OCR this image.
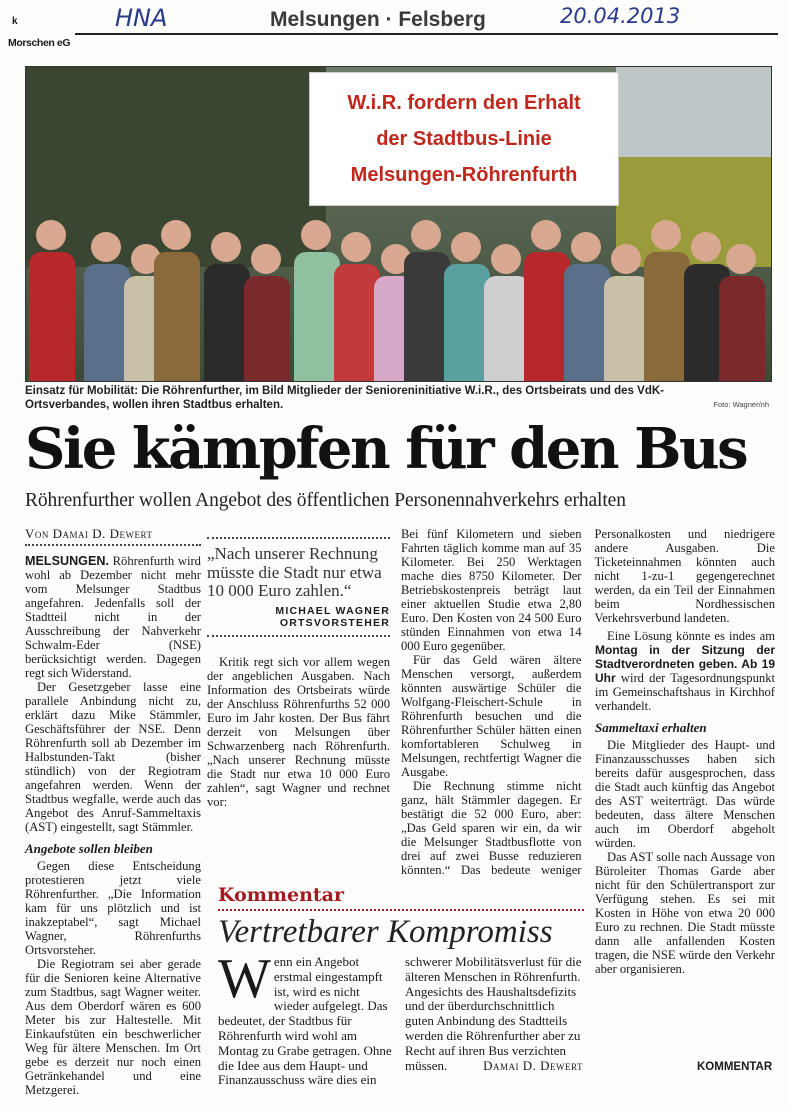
k
Morschen eG
HNA	Melsungen · Felsberg	20.04.2013
W.i.R. fordern den Erhalt
der Stadtbus-Linie
Melsungen-Röhrenfurth
Einsatz für Mobilität: Die Röhrenfurther, im Bild Mitglieder der Senioreninitiative W.i.R., des Ortsbeirats und des VdK-Ortsverbandes, wollen ihren Stadtbus erhalten.	Foto: Wagner/nh
Sie kämpfen für den Bus
Röhrenfurther wollen Angebot des öffentlichen Personennahverkehrs erhalten
Von Damai D. Dewert

MELSUNGEN. Röhrenfurth wird wohl ab Dezember nicht mehr vom Melsunger Stadtbus angefahren. Jedenfalls soll der Stadtteil nicht in der Ausschreibung der Nahverkehr Schwalm-Eder (NSE) berücksichtigt werden. Dagegen regt sich Widerstand.

Der Gesetzgeber lasse eine parallele Anbindung nicht zu, erklärt dazu Mike Stämmler, Geschäftsführer der NSE. Denn Röhrenfurth soll ab Dezember im Halbstunden-Takt (bisher stündlich) von der Regiotram angefahren werden. Wenn der Stadtbus wegfalle, werde auch das Angebot des Anruf-Sammeltaxis (AST) eingestellt, sagt Stämmler.

Angebote sollen bleiben

Gegen diese Entscheidung protestieren jetzt viele Röhrenfurther. „Die Information kam für uns plötzlich und ist inakzeptabel“, sagt Michael Wagner, Röhrenfurths Ortsvorsteher.

Die Regiotram sei aber gerade für die Senioren keine Alternative zum Stadtbus, sagt Wagner weiter. Aus dem Oberdorf wären es 600 Meter bis zur Haltestelle. Mit Einkaufstüten ein beschwerlicher Weg für ältere Menschen. Im Ort gebe es derzeit nur noch einen Getränkehandel und eine Metzgerei.

„Nach unserer Rechnung müsste die Stadt nur etwa 10 000 Euro zahlen.“
MICHAEL WAGNER
ORTSVORSTEHER

Kritik regt sich vor allem wegen der angeblichen Ausgaben. Nach Information des Ortsbeirats würde der Anschluss Röhrenfurths 52 000 Euro im Jahr kosten. Der Bus fährt derzeit von Melsungen über Schwarzenberg nach Röhrenfurth. „Nach unserer Rechnung müsste die Stadt nur etwa 10 000 Euro zahlen“, sagt Wagner und rechnet vor:

Bei fünf Kilometern und sieben Fahrten täglich komme man auf 35 Kilometer. Bei 250 Werktagen mache dies 8750 Kilometer. Der Betriebskostenpreis beträgt laut einer aktuellen Studie etwa 2,80 Euro. Den Kosten von 24 500 Euro stünden Einnahmen von etwa 14 000 Euro gegenüber.

Für das Geld wären ältere Menschen versorgt, außerdem könnten auswärtige Schüler die Wolfgang-Fleischert-Schule in Röhrenfurth besuchen und die Röhrenfurther Schüler hätten einen komfortableren Schulweg in Melsungen, rechtfertigt Wagner die Ausgabe.

Die Rechnung stimme nicht ganz, hält Stämmler dagegen. Er bestätigt die 52 000 Euro, aber: „Das Geld sparen wir ein, da wir die Melsunger Stadtbusflotte von drei auf zwei Busse reduzieren könnten.“ Das bedeute weniger Personalkosten und niedrigere andere Ausgaben. Die Ticketeinnahmen könnten auch nicht 1-zu-1 gegengerechnet werden, da ein Teil der Einnahmen beim Nordhessischen Verkehrsverbund landeten.

Eine Lösung könnte es indes am Montag in der Sitzung der Stadtverordneten geben. Ab 19 Uhr wird der Tagesordnungspunkt im Gemeinschaftshaus in Kirchhof verhandelt.

Sammeltaxi erhalten

Die Mitglieder des Haupt- und Finanzausschusses haben sich bereits dafür ausgesprochen, dass die Stadt auch künftig das Angebot des AST weiterträgt. Das würde bedeuten, dass ältere Menschen auch im Oberdorf abgeholt würden.

Das AST solle nach Aussage von Büroleiter Thomas Garde aber nicht für den Schülertransport zur Verfügung stehen. Es sei mit Kosten in Höhe von etwa 20 000 Euro zu rechnen. Die Stadt müsste dann alle anfallenden Kosten tragen, die NSE würde den Verkehr aber organisieren.

KOMMENTAR
Kommentar
Vertretbarer Kompromiss
Wenn ein Angebot erstmal eingestampft ist, wird es nicht wieder aufgelegt. Das bedeutet, der Stadtbus für Röhrenfurth wird wohl am Montag zu Grabe getragen. Ohne die Idee aus dem Haupt- und Finanzausschuss wäre dies ein
schwerer Mobilitätsverlust für die älteren Menschen in Röhrenfurth. Angesichts des Haushaltsdefizits und der überdurchschnittlich guten Anbindung des Stadtteils werden die Röhrenfurther aber zu Recht auf ihren Bus verzichten müssen.	Damai D. Dewert
